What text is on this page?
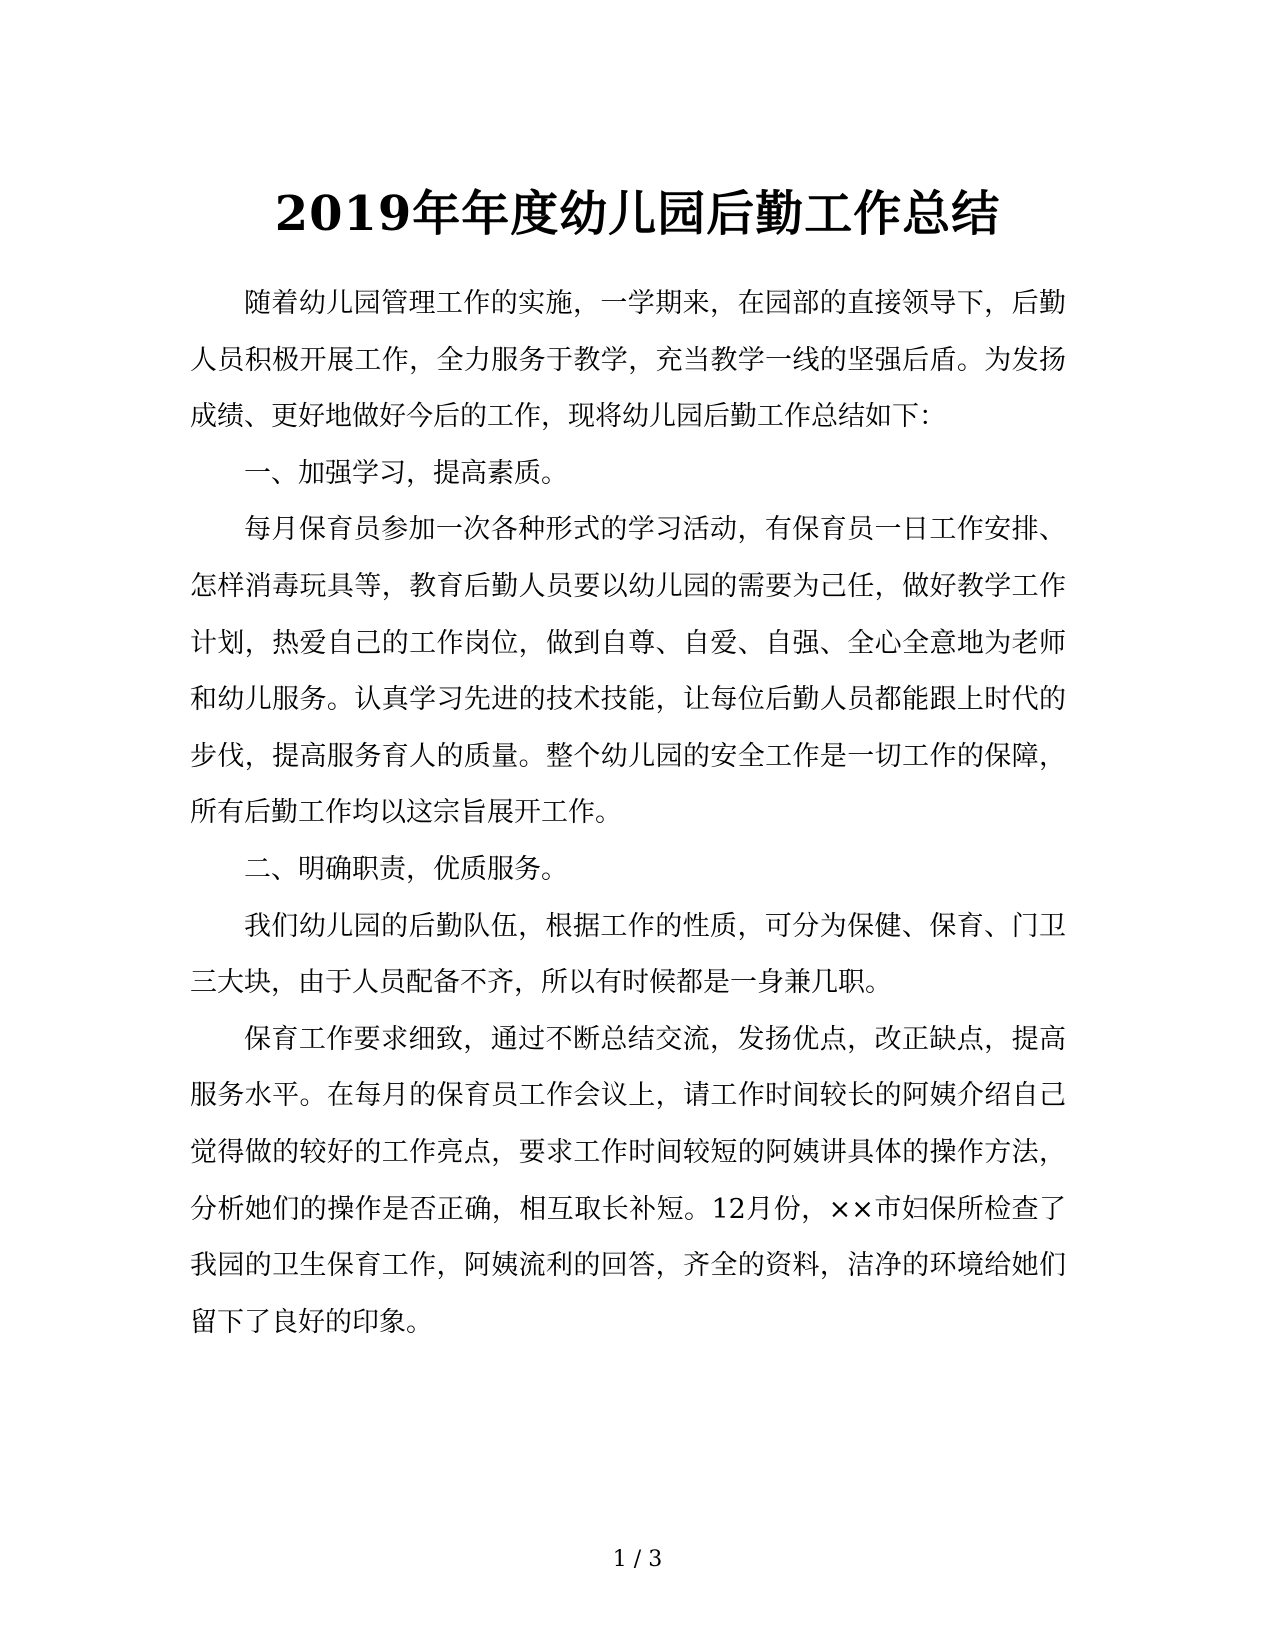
2019年年度幼儿园后勤工作总结

随着幼儿园管理工作的实施，一学期来，在园部的直接领导下，后勤人员积极开展工作，全力服务于教学，充当教学一线的坚强后盾。为发扬成绩、更好地做好今后的工作，现将幼儿园后勤工作总结如下：

一、加强学习，提高素质。

每月保育员参加一次各种形式的学习活动，有保育员一日工作安排、怎样消毒玩具等，教育后勤人员要以幼儿园的需要为己任，做好教学工作计划，热爱自己的工作岗位，做到自尊、自爱、自强、全心全意地为老师和幼儿服务。认真学习先进的技术技能，让每位后勤人员都能跟上时代的步伐，提高服务育人的质量。整个幼儿园的安全工作是一切工作的保障，所有后勤工作均以这宗旨展开工作。

二、明确职责，优质服务。

我们幼儿园的后勤队伍，根据工作的性质，可分为保健、保育、门卫三大块，由于人员配备不齐，所以有时候都是一身兼几职。

保育工作要求细致，通过不断总结交流，发扬优点，改正缺点，提高服务水平。在每月的保育员工作会议上，请工作时间较长的阿姨介绍自己觉得做的较好的工作亮点，要求工作时间较短的阿姨讲具体的操作方法，分析她们的操作是否正确，相互取长补短。12月份，××市妇保所检查了我园的卫生保育工作，阿姨流利的回答，齐全的资料，洁净的环境给她们留下了良好的印象。

1 / 3
